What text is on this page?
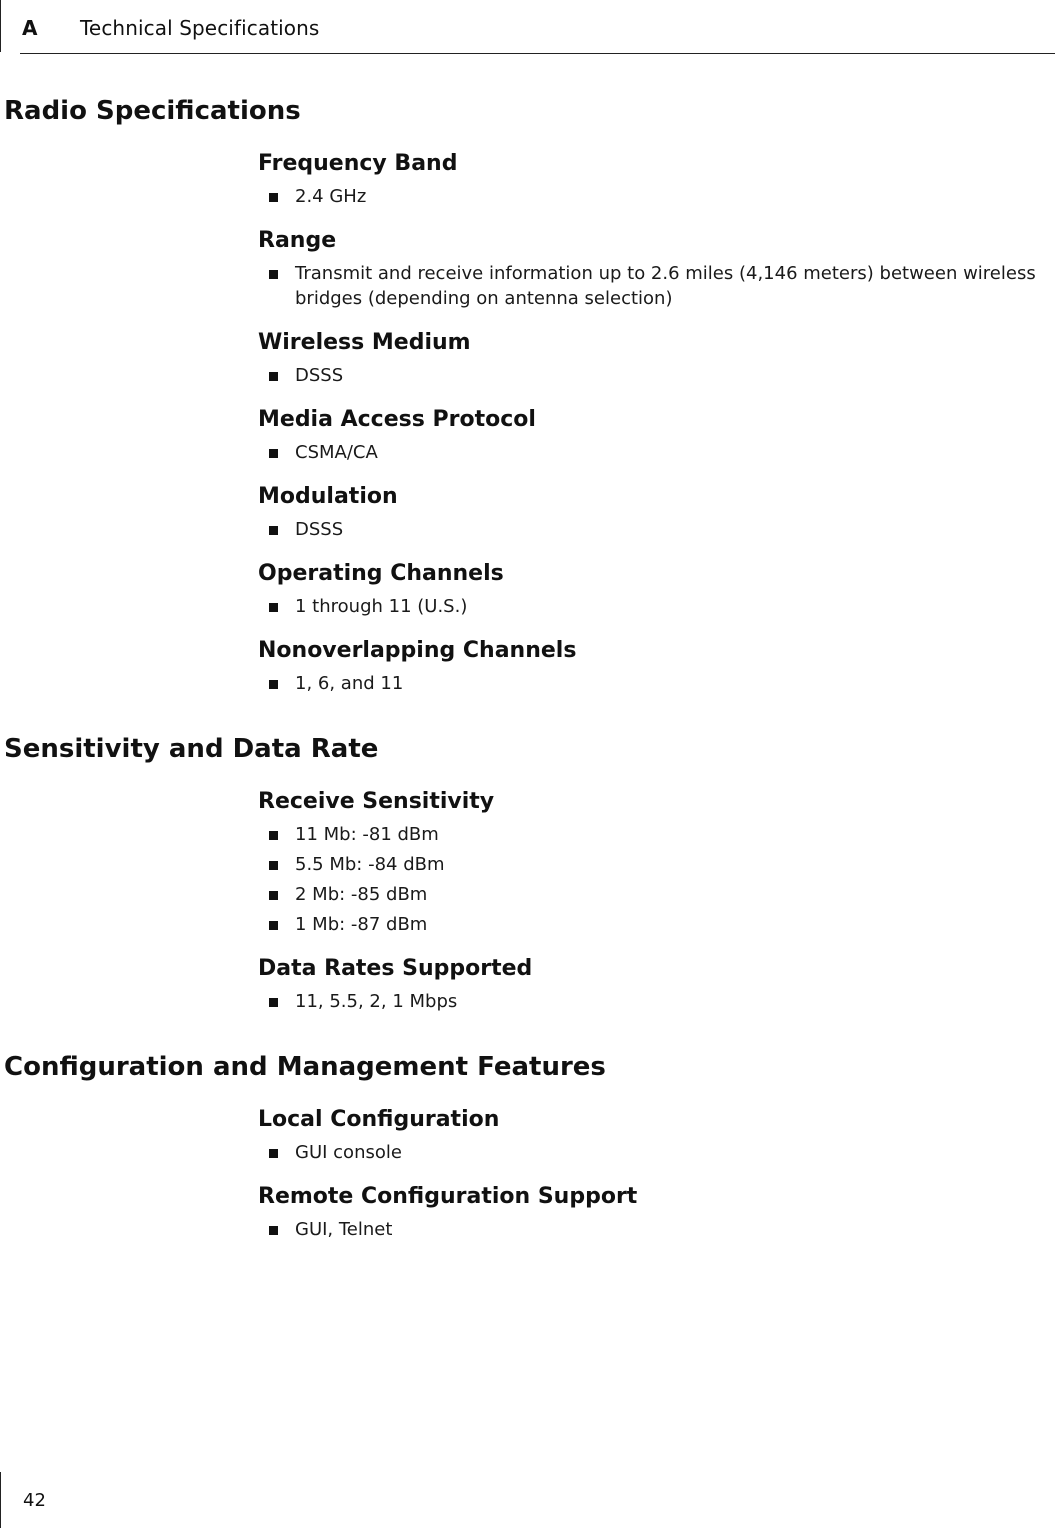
A Technical Specifications
Radio Specifications
Frequency Band
2.4 GHz
Range
Transmit and receive information up to 2.6 miles (4,146 meters) between wireless bridges (depending on antenna selection)
Wireless Medium
DSSS
Media Access Protocol
CSMA/CA
Modulation
DSSS
Operating Channels
1 through 11 (U.S.)
Nonoverlapping Channels
1, 6, and 11
Sensitivity and Data Rate
Receive Sensitivity
11 Mb: -81 dBm
5.5 Mb: -84 dBm
2 Mb: -85 dBm
1 Mb: -87 dBm
Data Rates Supported
11, 5.5, 2, 1 Mbps
Configuration and Management Features
Local Configuration
GUI console
Remote Configuration Support
GUI, Telnet
42
